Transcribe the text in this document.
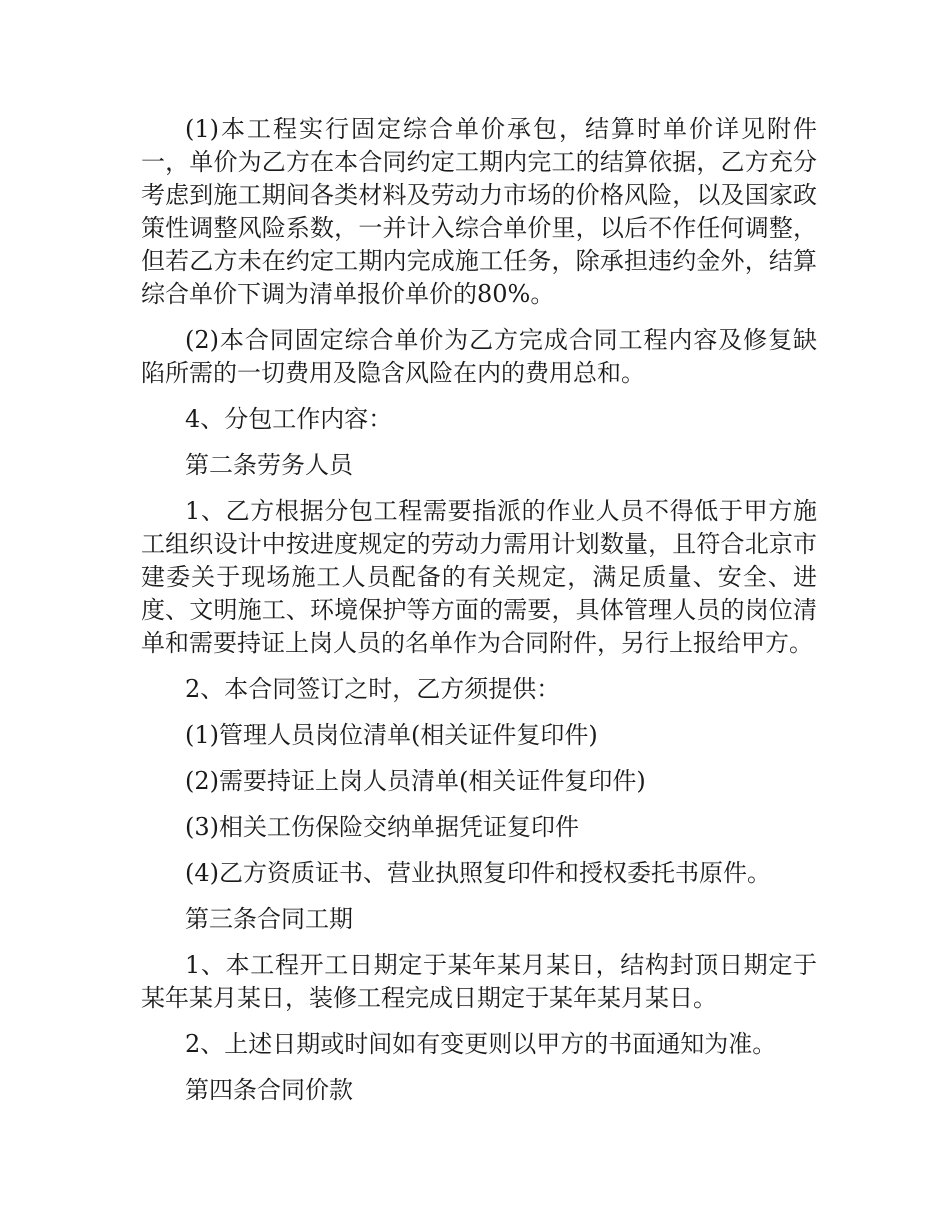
(1)本工程实行固定综合单价承包，结算时单价详见附件一，单价为乙方在本合同约定工期内完工的结算依据，乙方充分考虑到施工期间各类材料及劳动力市场的价格风险，以及国家政策性调整风险系数，一并计入综合单价里，以后不作任何调整，但若乙方未在约定工期内完成施工任务，除承担违约金外，结算综合单价下调为清单报价单价的80%。

(2)本合同固定综合单价为乙方完成合同工程内容及修复缺陷所需的一切费用及隐含风险在内的费用总和。

4、分包工作内容：

第二条劳务人员

1、乙方根据分包工程需要指派的作业人员不得低于甲方施工组织设计中按进度规定的劳动力需用计划数量，且符合北京市建委关于现场施工人员配备的有关规定，满足质量、安全、进度、文明施工、环境保护等方面的需要，具体管理人员的岗位清单和需要持证上岗人员的名单作为合同附件，另行上报给甲方。

2、本合同签订之时，乙方须提供：

(1)管理人员岗位清单(相关证件复印件)

(2)需要持证上岗人员清单(相关证件复印件)

(3)相关工伤保险交纳单据凭证复印件

(4)乙方资质证书、营业执照复印件和授权委托书原件。

第三条合同工期

1、本工程开工日期定于某年某月某日，结构封顶日期定于某年某月某日，装修工程完成日期定于某年某月某日。

2、上述日期或时间如有变更则以甲方的书面通知为准。

第四条合同价款
